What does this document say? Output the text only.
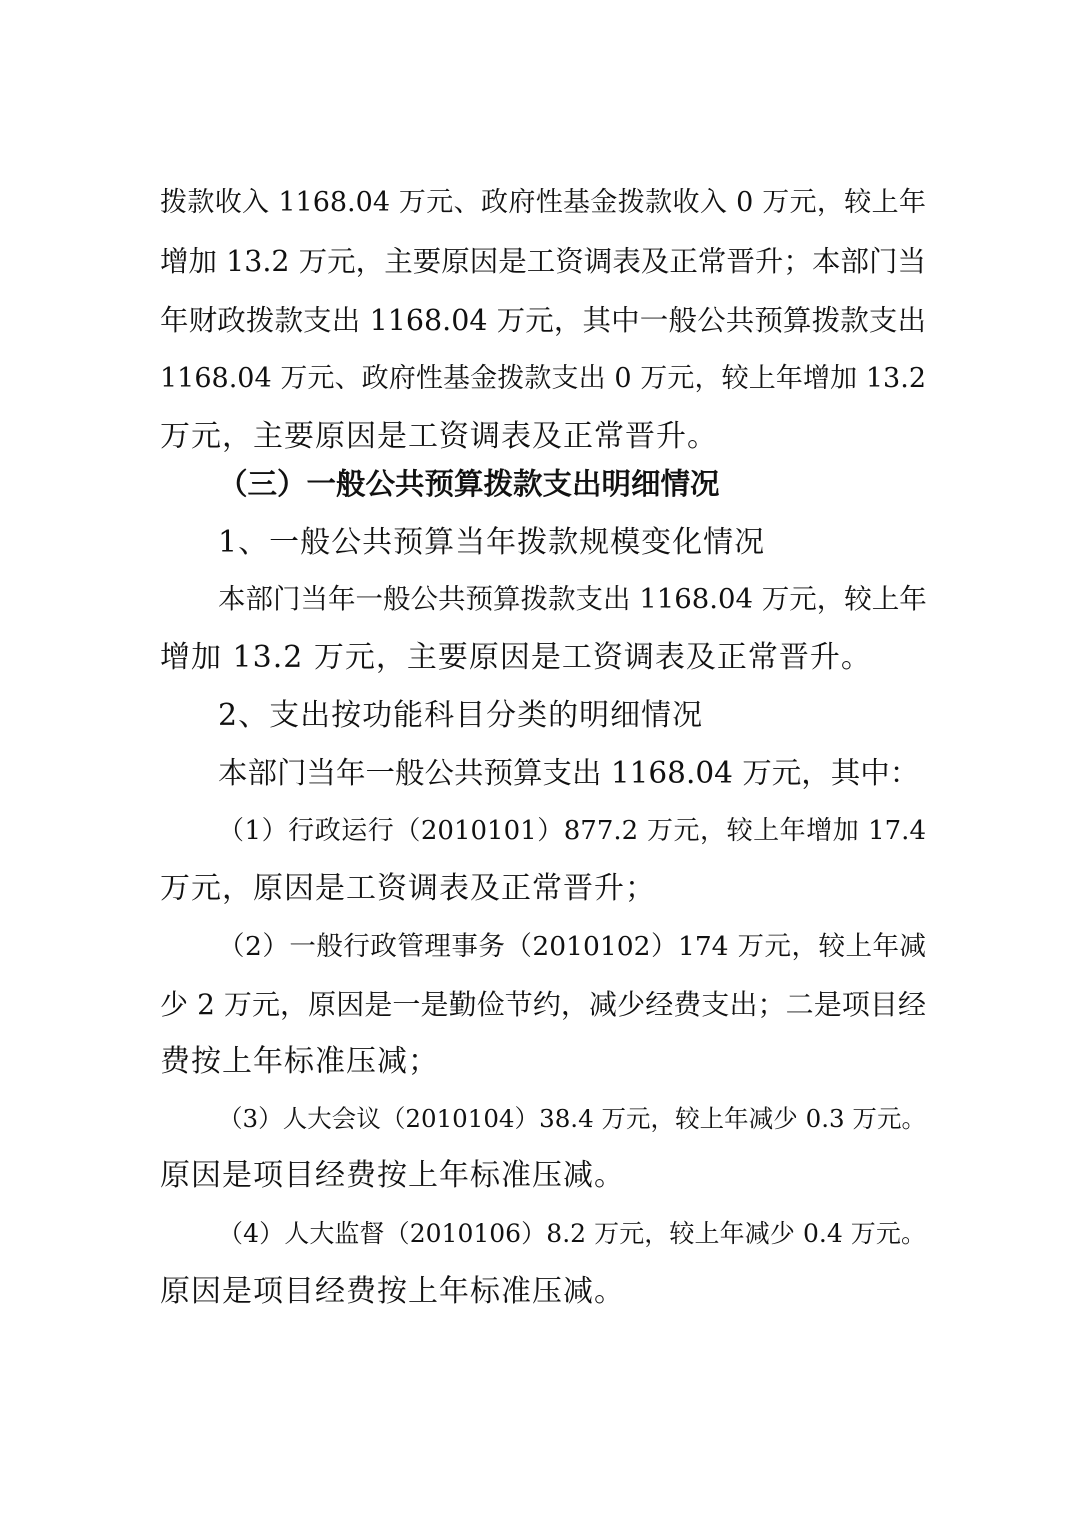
拨款收入 1168.04 万元、政府性基金拨款收入 0 万元，较上年
增加 13.2 万元，主要原因是工资调表及正常晋升；本部门当
年财政拨款支出 1168.04 万元，其中一般公共预算拨款支出
1168.04 万元、政府性基金拨款支出 0 万元，较上年增加 13.2
万元，主要原因是工资调表及正常晋升。
（三）一般公共预算拨款支出明细情况
1、一般公共预算当年拨款规模变化情况
本部门当年一般公共预算拨款支出 1168.04 万元，较上年
增加 13.2 万元，主要原因是工资调表及正常晋升。
2、支出按功能科目分类的明细情况
本部门当年一般公共预算支出 1168.04 万元，其中：
（1）行政运行（2010101）877.2 万元，较上年增加 17.4
万元，原因是工资调表及正常晋升；
（2）一般行政管理事务（2010102）174 万元，较上年减
少 2 万元，原因是一是勤俭节约，减少经费支出；二是项目经
费按上年标准压减；
（3）人大会议（2010104）38.4 万元，较上年减少 0.3 万元。
原因是项目经费按上年标准压减。
（4）人大监督（2010106）8.2 万元，较上年减少 0.4 万元。
原因是项目经费按上年标准压减。
